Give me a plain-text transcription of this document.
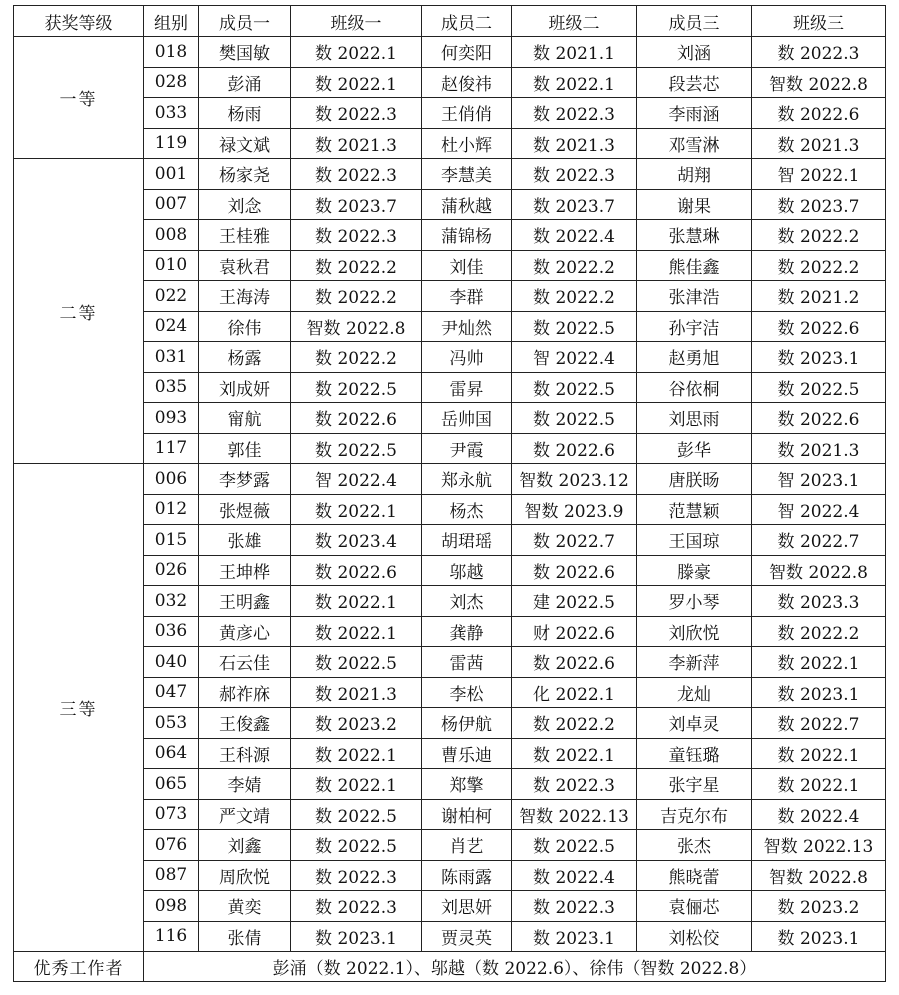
获奖等级	组别	成员一	班级一	成员二	班级二	成员三	班级三
一等	018	樊国敏	数 2022.1	何奕阳	数 2021.1	刘涵	数 2022.3
	028	彭涌	数 2022.1	赵俊祎	数 2022.1	段芸芯	智数 2022.8
	033	杨雨	数 2022.3	王俏俏	数 2022.3	李雨涵	数 2022.6
	119	禄文斌	数 2021.3	杜小辉	数 2021.3	邓雪淋	数 2021.3
二等	001	杨家尧	数 2022.3	李慧美	数 2022.3	胡翔	智 2022.1
	007	刘念	数 2023.7	蒲秋越	数 2023.7	谢果	数 2023.7
	008	王桂雅	数 2022.3	蒲锦杨	数 2022.4	张慧琳	数 2022.2
	010	袁秋君	数 2022.2	刘佳	数 2022.2	熊佳鑫	数 2022.2
	022	王海涛	数 2022.2	李群	数 2022.2	张津浩	数 2021.2
	024	徐伟	智数 2022.8	尹灿然	数 2022.5	孙宇洁	数 2022.6
	031	杨露	数 2022.2	冯帅	智 2022.4	赵勇旭	数 2023.1
	035	刘成妍	数 2022.5	雷昇	数 2022.5	谷依桐	数 2022.5
	093	甯航	数 2022.6	岳帅国	数 2022.5	刘思雨	数 2022.6
	117	郭佳	数 2022.5	尹霞	数 2022.6	彭华	数 2021.3
三等	006	李梦露	智 2022.4	郑永航	智数 2023.12	唐朕旸	智 2023.1
	012	张煜薇	数 2022.1	杨杰	智数 2023.9	范慧颖	智 2022.4
	015	张雄	数 2023.4	胡珺瑶	数 2022.7	王国琼	数 2022.7
	026	王坤桦	数 2022.6	邬越	数 2022.6	滕豪	智数 2022.8
	032	王明鑫	数 2022.1	刘杰	建 2022.5	罗小琴	数 2023.3
	036	黄彦心	数 2022.1	龚静	财 2022.6	刘欣悦	数 2022.2
	040	石云佳	数 2022.5	雷茜	数 2022.6	李新萍	数 2022.1
	047	郝祚庥	数 2021.3	李松	化 2022.1	龙灿	数 2023.1
	053	王俊鑫	数 2023.2	杨伊航	数 2022.2	刘卓灵	数 2022.7
	064	王科源	数 2022.1	曹乐迪	数 2022.1	童钰璐	数 2022.1
	065	李婧	数 2022.1	郑擎	数 2022.3	张宇星	数 2022.1
	073	严文靖	数 2022.5	谢柏柯	智数 2022.13	吉克尔布	数 2022.4
	076	刘鑫	数 2022.5	肖艺	数 2022.5	张杰	智数 2022.13
	087	周欣悦	数 2022.3	陈雨露	数 2022.4	熊晓蕾	智数 2022.8
	098	黄奕	数 2022.3	刘思妍	数 2022.3	袁俪芯	数 2023.2
	116	张倩	数 2023.1	贾灵英	数 2023.1	刘松佼	数 2023.1
优秀工作者	彭涌（数 2022.1）、邬越（数 2022.6）、徐伟（智数 2022.8）						
